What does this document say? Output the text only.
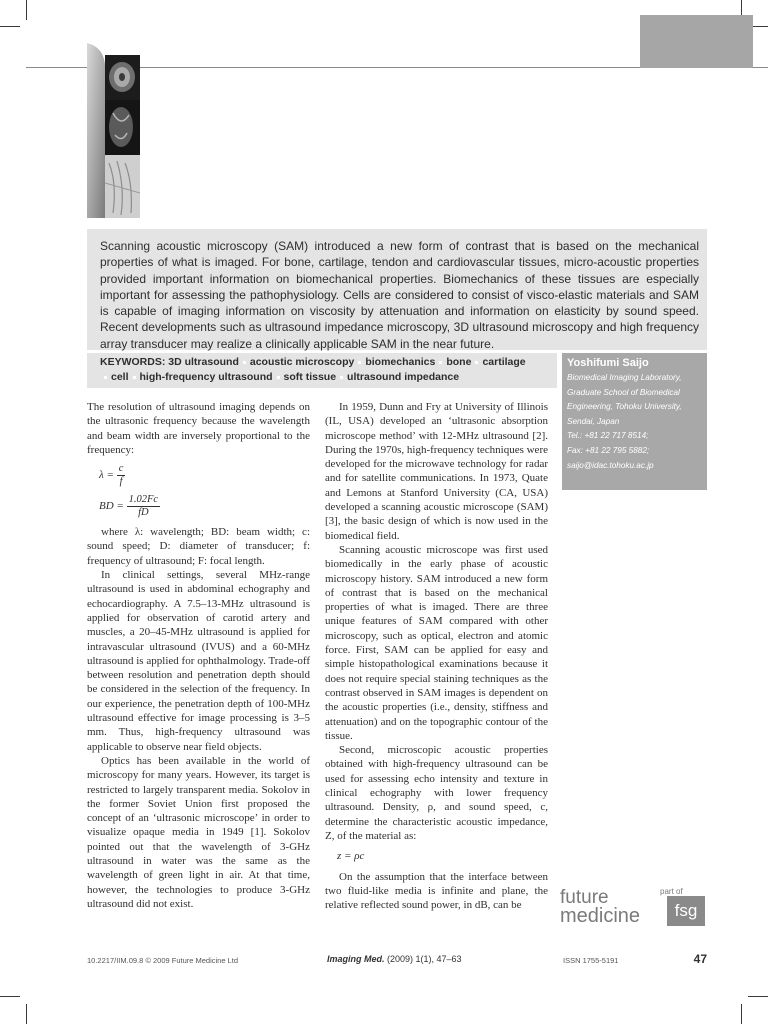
Scanning acoustic microscopy (SAM) introduced a new form of contrast that is based on the mechanical properties of what is imaged. For bone, cartilage, tendon and cardiovascular tissues, micro-acoustic properties provided important information on biomechanical properties. Biomechanics of these tissues are especially important for assessing the pathophysiology. Cells are considered to consist of visco-elastic materials and SAM is capable of imaging information on viscosity by attenuation and information on elasticity by sound speed. Recent developments such as ultrasound impedance microscopy, 3D ultrasound microscopy and high frequency array transducer may realize a clinically applicable SAM in the near future.
KEYWORDS: 3D ultrasound acoustic microscopy biomechanics bone cartilage
cell high-frequency ultrasound soft tissue ultrasound impedance
Yoshifumi Saijo
Biomedical Imaging Laboratory, Graduate School of Biomedical Engineering, Tohoku University, Sendai, Japan
Tel.: +81 22 717 8514;
Fax: +81 22 795 5882;
saijo@idac.tohoku.ac.jp

The resolution of ultrasound imaging depends on the ultrasonic frequency because the wavelength and beam width are inversely proportional to the frequency:

$\lambda = \frac{c}{f}$
BD = $\frac{1.02Fc}{fD}$

where λ: wavelength; BD: beam width; c: sound speed; D: diameter of transducer; f: frequency of ultrasound; F: focal length.

In clinical settings, several MHz-range ultrasound is used in abdominal echography and echocardiography. A 7.5–13-MHz ultrasound is applied for observation of carotid artery and muscles, a 20–45-MHz ultrasound is applied for intravascular ultrasound (IVUS) and a 60-MHz ultrasound is applied for ophthalmology. Trade-off between resolution and penetration depth should be considered in the selection of the frequency. In our experience, the penetration depth of 100-MHz ultrasound effective for image processing is 3–5 mm. Thus, high-frequency ultrasound was applicable to observe near field objects.

Optics has been available in the world of microscopy for many years. However, its target is restricted to largely transparent media. Sokolov in the former Soviet Union first proposed the concept of an ‘ultrasonic microscope’ in order to visualize opaque media in 1949 [1]. Sokolov pointed out that the wavelength of 3-GHz ultrasound in water was the same as the wavelength of green light in air. At that time, however, the technologies to produce 3-GHz ultrasound did not exist.

In 1959, Dunn and Fry at University of Illinois (IL, USA) developed an ‘ultrasonic absorption microscope method’ with 12-MHz ultrasound [2]. During the 1970s, high-frequency techniques were developed for the microwave technology for radar and for satellite communications. In 1973, Quate and Lemons at Stanford University (CA, USA) developed a scanning acoustic microscope (SAM) [3], the basic design of which is now used in the biomedical field.

Scanning acoustic microscope was first used biomedically in the early phase of acoustic microscopy history. SAM introduced a new form of contrast that is based on the mechanical properties of what is imaged. There are three unique features of SAM compared with other microscopy, such as optical, electron and atomic force. First, SAM can be applied for easy and simple histopathological examinations because it does not require special staining techniques as the contrast observed in SAM images is dependent on the acoustic properties (i.e., density, stiffness and attenuation) and on the topographic contour of the tissue.

Second, microscopic acoustic properties obtained with high-frequency ultrasound can be used for assessing echo intensity and texture in clinical echography with lower frequency ultrasound. Density, ρ, and sound speed, c, determine the characteristic acoustic impedance, Z, of the material as:

z = ρc

On the assumption that the interface between two fluid-like media is infinite and plane, the relative reflected sound power, in dB, can be

part of
future
medicine	fsg
10.2217/IIM.09.8 © 2009 Future Medicine Ltd	Imaging Med. (2009) 1(1), 47–63	ISSN 1755-5191	47
